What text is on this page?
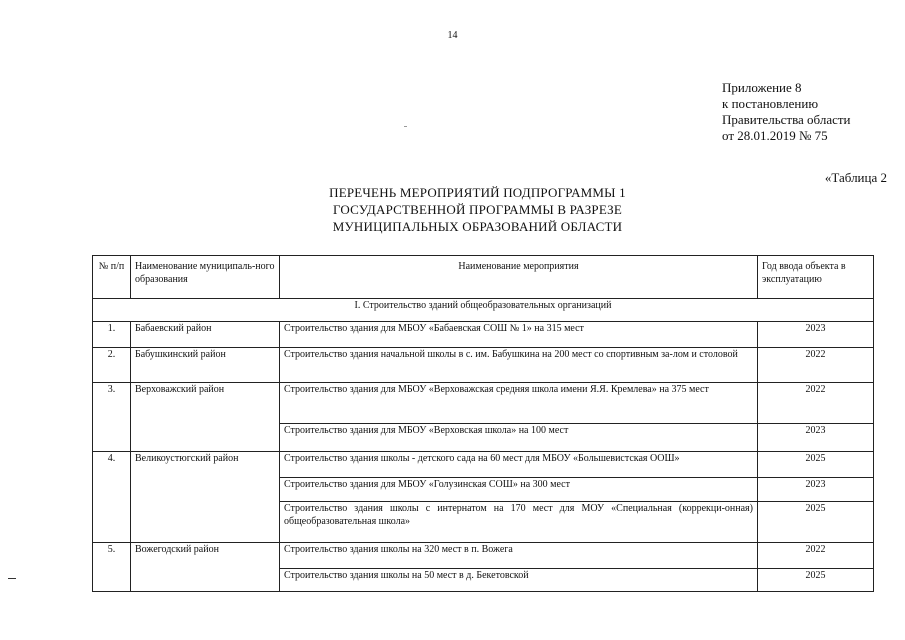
14
Приложение 8
к постановлению
Правительства области
от 28.01.2019 № 75
«Таблица 2
ПЕРЕЧЕНЬ МЕРОПРИЯТИЙ ПОДПРОГРАММЫ 1
ГОСУДАРСТВЕННОЙ ПРОГРАММЫ В РАЗРЕЗЕ
МУНИЦИПАЛЬНЫХ ОБРАЗОВАНИЙ ОБЛАСТИ
№ п/п	Наименование муниципаль-ного образования	Наименование мероприятия	Год ввода объекта в эксплуатацию
I. Строительство зданий общеобразовательных организаций			
1.	Бабаевский район	Строительство здания для МБОУ «Бабаевская СОШ № 1» на 315 мест	2023
2.	Бабушкинский район	Строительство здания начальной школы в с. им. Бабушкина на 200 мест со спортивным за-лом и столовой	2022
3.	Верховажский район	Строительство здания для МБОУ «Верховажская средняя школа имени Я.Я. Кремлева» на 375 мест	2022
		Строительство здания для МБОУ «Верховская школа» на 100 мест	2023
4.	Великоустюгский район	Строительство здания школы - детского сада на 60 мест для МБОУ «Большевистская ООШ»	2025
		Строительство здания для МБОУ «Голузинская СОШ» на 300 мест	2023
		Строительство здания школы с интернатом на 170 мест для МОУ «Специальная (коррекци-онная) общеобразовательная школа»	2025
5.	Вожегодский район	Строительство здания школы на 320 мест в п. Вожега	2022
		Строительство здания школы на 50 мест в д. Бекетовской	2025
